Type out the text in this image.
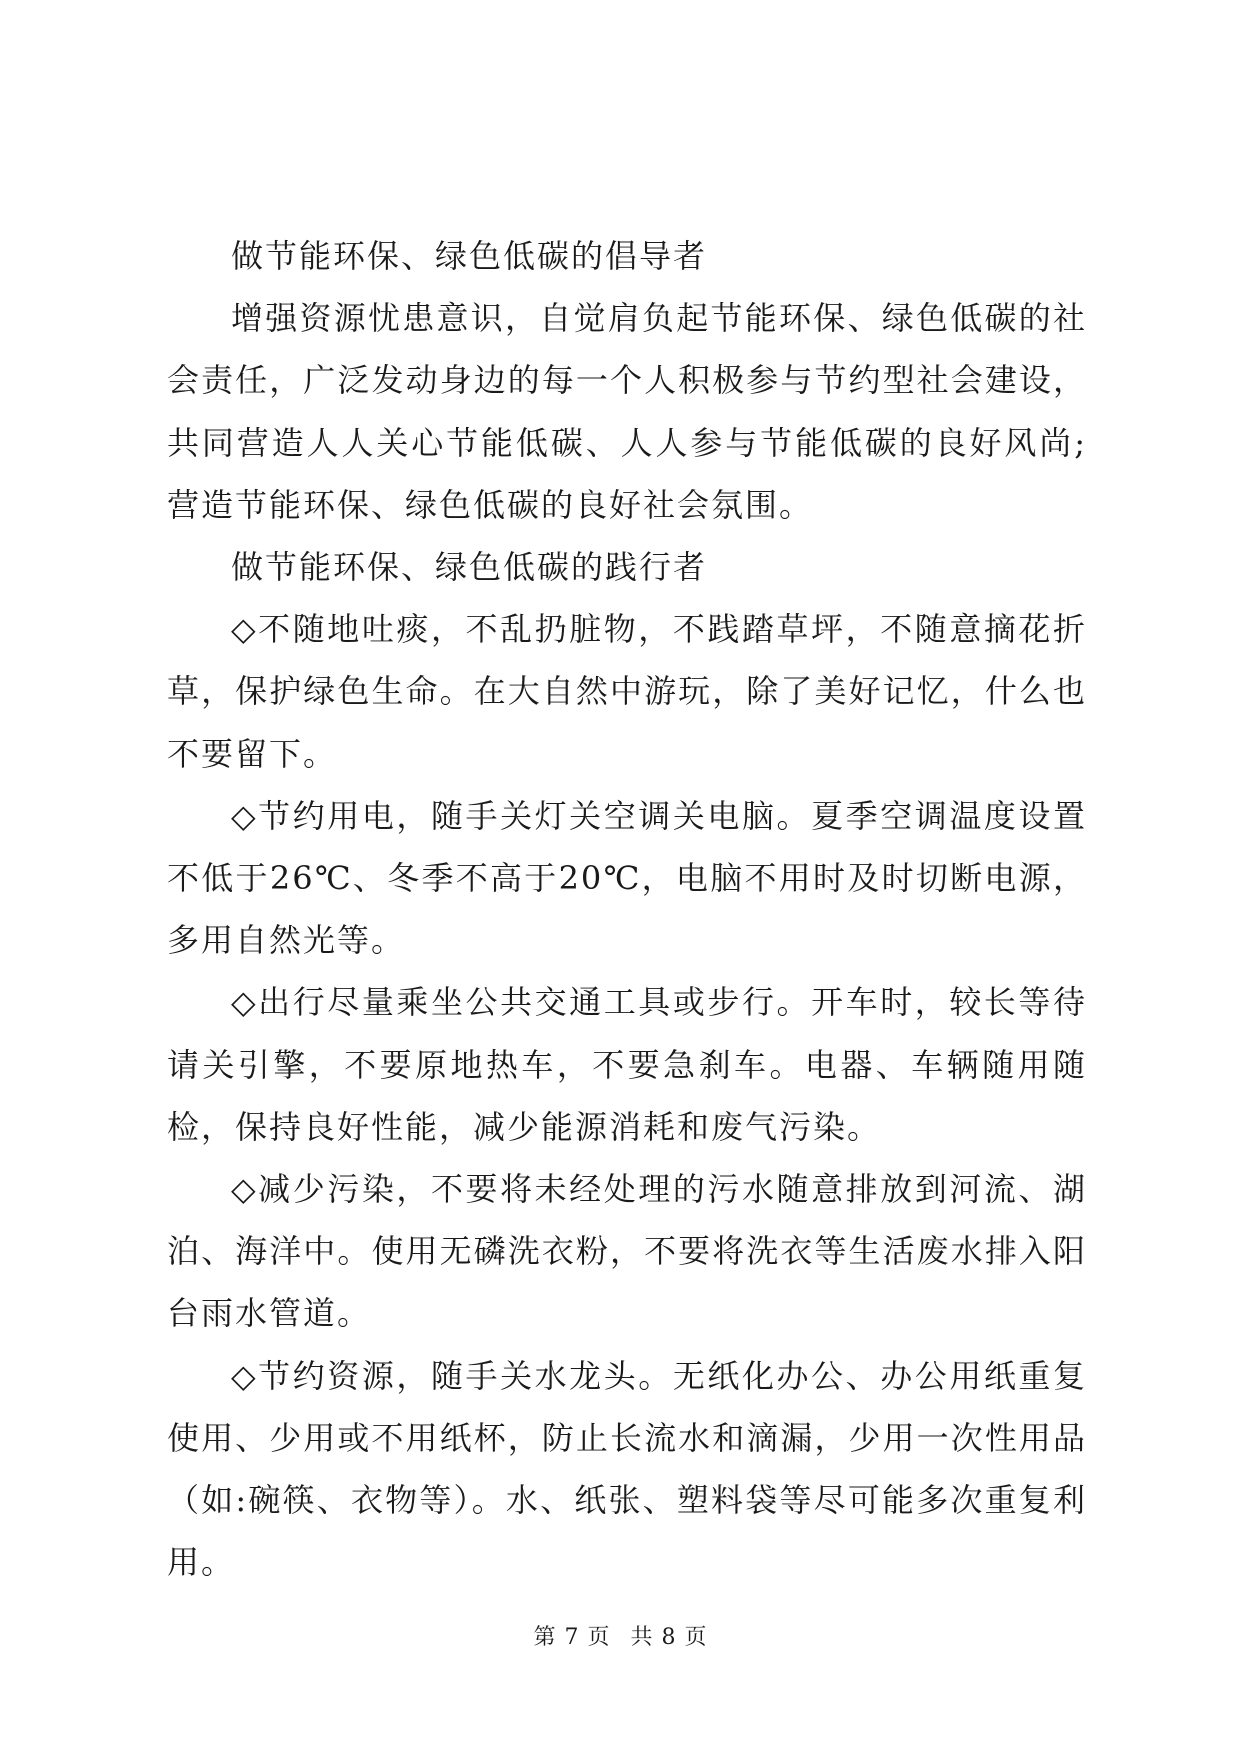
做节能环保、绿色低碳的倡导者

增强资源忧患意识，自觉肩负起节能环保、绿色低碳的社会责任，广泛发动身边的每一个人积极参与节约型社会建设，共同营造人人关心节能低碳、人人参与节能低碳的良好风尚;营造节能环保、绿色低碳的良好社会氛围。

做节能环保、绿色低碳的践行者

◇不随地吐痰，不乱扔脏物，不践踏草坪，不随意摘花折草，保护绿色生命。在大自然中游玩，除了美好记忆，什么也不要留下。

◇节约用电，随手关灯关空调关电脑。夏季空调温度设置不低于26℃、冬季不高于20℃，电脑不用时及时切断电源，多用自然光等。

◇出行尽量乘坐公共交通工具或步行。开车时，较长等待请关引擎，不要原地热车，不要急刹车。电器、车辆随用随检，保持良好性能，减少能源消耗和废气污染。

◇减少污染，不要将未经处理的污水随意排放到河流、湖泊、海洋中。使用无磷洗衣粉，不要将洗衣等生活废水排入阳台雨水管道。

◇节约资源，随手关水龙头。无纸化办公、办公用纸重复使用、少用或不用纸杯，防止长流水和滴漏，少用一次性用品（如:碗筷、衣物等）。水、纸张、塑料袋等尽可能多次重复利用。

第 7 页 共 8 页
